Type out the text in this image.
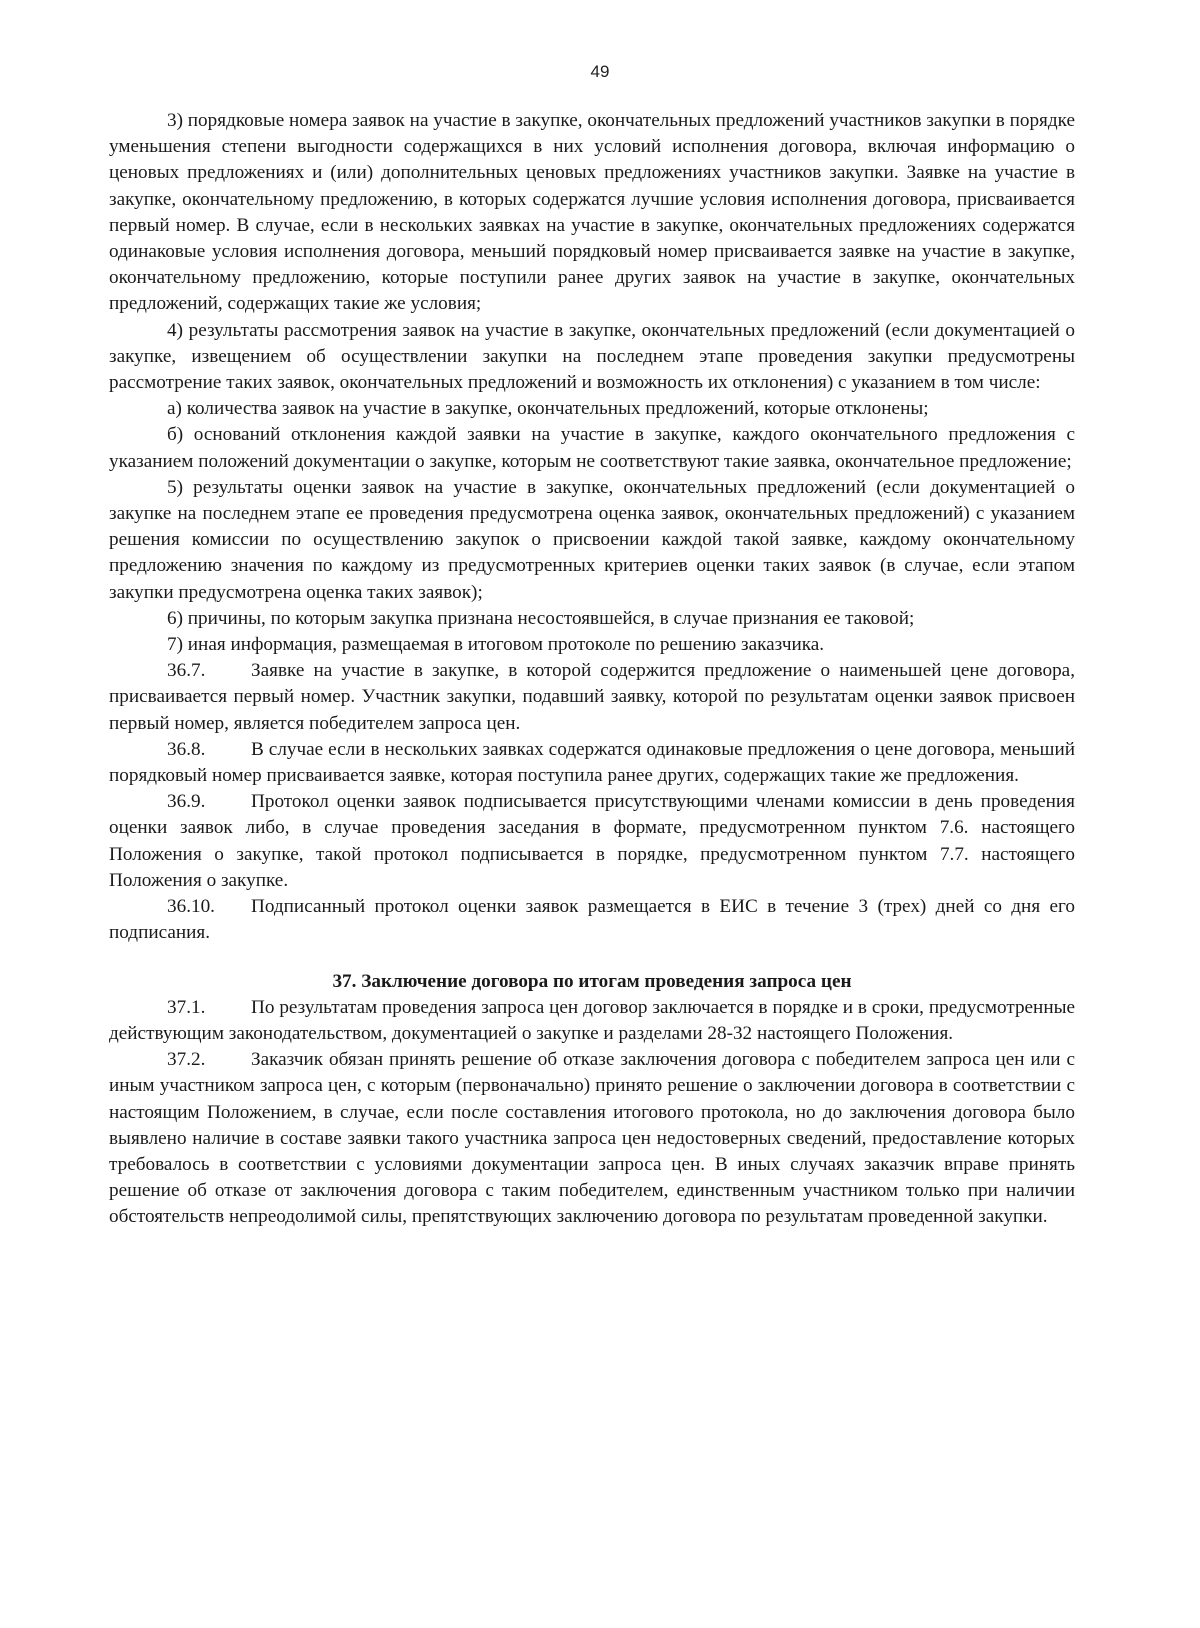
49

3) порядковые номера заявок на участие в закупке, окончательных предложений участников закупки в порядке уменьшения степени выгодности содержащихся в них условий исполнения договора, включая информацию о ценовых предложениях и (или) дополнительных ценовых предложениях участников закупки. Заявке на участие в закупке, окончательному предложению, в которых содержатся лучшие условия исполнения договора, присваивается первый номер. В случае, если в нескольких заявках на участие в закупке, окончательных предложениях содержатся одинаковые условия исполнения договора, меньший порядковый номер присваивается заявке на участие в закупке, окончательному предложению, которые поступили ранее других заявок на участие в закупке, окончательных предложений, содержащих такие же условия;

4) результаты рассмотрения заявок на участие в закупке, окончательных предложений (если документацией о закупке, извещением об осуществлении закупки на последнем этапе проведения закупки предусмотрены рассмотрение таких заявок, окончательных предложений и возможность их отклонения) с указанием в том числе:

а) количества заявок на участие в закупке, окончательных предложений, которые отклонены;

б) оснований отклонения каждой заявки на участие в закупке, каждого окончательного предложения с указанием положений документации о закупке, которым не соответствуют такие заявка, окончательное предложение;

5) результаты оценки заявок на участие в закупке, окончательных предложений (если документацией о закупке на последнем этапе ее проведения предусмотрена оценка заявок, окончательных предложений) с указанием решения комиссии по осуществлению закупок о присвоении каждой такой заявке, каждому окончательному предложению значения по каждому из предусмотренных критериев оценки таких заявок (в случае, если этапом закупки предусмотрена оценка таких заявок);

6) причины, по которым закупка признана несостоявшейся, в случае признания ее таковой;

7) иная информация, размещаемая в итоговом протоколе по решению заказчика.

36.7. Заявке на участие в закупке, в которой содержится предложение о наименьшей цене договора, присваивается первый номер. Участник закупки, подавший заявку, которой по результатам оценки заявок присвоен первый номер, является победителем запроса цен.

36.8. В случае если в нескольких заявках содержатся одинаковые предложения о цене договора, меньший порядковый номер присваивается заявке, которая поступила ранее других, содержащих такие же предложения.

36.9. Протокол оценки заявок подписывается присутствующими членами комиссии в день проведения оценки заявок либо, в случае проведения заседания в формате, предусмотренном пунктом 7.6. настоящего Положения о закупке, такой протокол подписывается в порядке, предусмотренном пунктом 7.7. настоящего Положения о закупке.

36.10. Подписанный протокол оценки заявок размещается в ЕИС в течение 3 (трех) дней со дня его подписания.

37. Заключение договора по итогам проведения запроса цен

37.1. По результатам проведения запроса цен договор заключается в порядке и в сроки, предусмотренные действующим законодательством, документацией о закупке и разделами 28-32 настоящего Положения.

37.2. Заказчик обязан принять решение об отказе заключения договора с победителем запроса цен или с иным участником запроса цен, с которым (первоначально) принято решение о заключении договора в соответствии с настоящим Положением, в случае, если после составления итогового протокола, но до заключения договора было выявлено наличие в составе заявки такого участника запроса цен недостоверных сведений, предоставление которых требовалось в соответствии с условиями документации запроса цен. В иных случаях заказчик вправе принять решение об отказе от заключения договора с таким победителем, единственным участником только при наличии обстоятельств непреодолимой силы, препятствующих заключению договора по результатам проведенной закупки.
